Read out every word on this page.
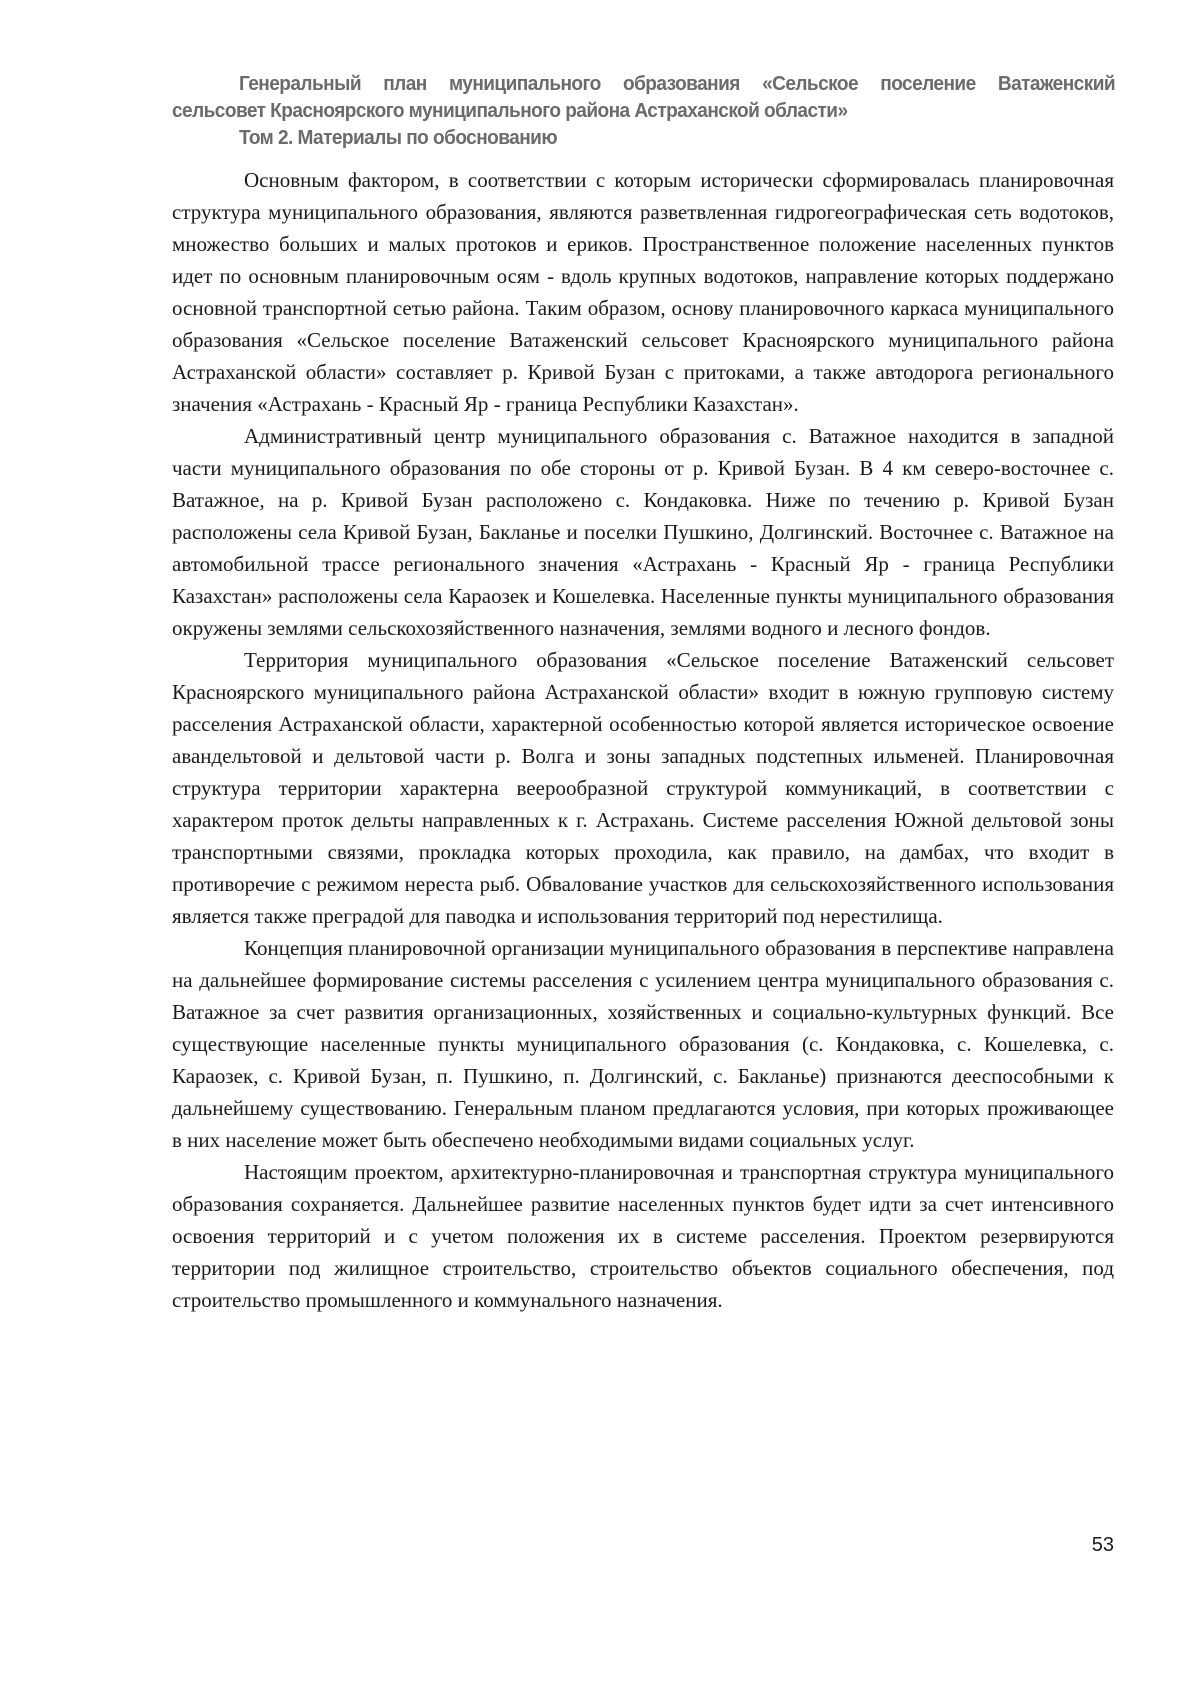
Генеральный план муниципального образования «Сельское поселение Ватаженский
сельсовет Красноярского муниципального района Астраханской области»
Том 2. Материалы по обоснованию

Основным фактором, в соответствии с которым исторически сформировалась планировочная структура муниципального образования, являются разветвленная гидрогеографическая сеть водотоков, множество больших и малых протоков и ериков. Пространственное положение населенных пунктов идет по основным планировочным осям - вдоль крупных водотоков, направление которых поддержано основной транспортной сетью района. Таким образом, основу планировочного каркаса муниципального образования «Сельское поселение Ватаженский сельсовет Красноярского муниципального района Астраханской области» составляет р. Кривой Бузан с притоками, а также автодорога регионального значения «Астрахань - Красный Яр - граница Республики Казахстан».

Административный центр муниципального образования с. Ватажное находится в западной части муниципального образования по обе стороны от р. Кривой Бузан. В 4 км северо-восточнее с. Ватажное, на р. Кривой Бузан расположено с. Кондаковка. Ниже по течению р. Кривой Бузан расположены села Кривой Бузан, Бакланье и поселки Пушкино, Долгинский. Восточнее с. Ватажное на автомобильной трассе регионального значения «Астрахань - Красный Яр - граница Республики Казахстан» расположены села Караозек и Кошелевка. Населенные пункты муниципального образования окружены землями сельскохозяйственного назначения, землями водного и лесного фондов.

Территория муниципального образования «Сельское поселение Ватаженский сельсовет Красноярского муниципального района Астраханской области» входит в южную групповую систему расселения Астраханской области, характерной особенностью которой является историческое освоение авандельтовой и дельтовой части р. Волга и зоны западных подстепных ильменей. Планировочная структура территории характерна веерообразной структурой коммуникаций, в соответствии с характером проток дельты направленных к г. Астрахань. Системе расселения Южной дельтовой зоны транспортными связями, прокладка которых проходила, как правило, на дамбах, что входит в противоречие с режимом нереста рыб. Обвалование участков для сельскохозяйственного использования является также преградой для паводка и использования территорий под нерестилища.

Концепция планировочной организации муниципального образования в перспективе направлена на дальнейшее формирование системы расселения с усилением центра муниципального образования с. Ватажное за счет развития организационных, хозяйственных и социально-культурных функций. Все существующие населенные пункты муниципального образования (с. Кондаковка, с. Кошелевка, с. Караозек, с. Кривой Бузан, п. Пушкино, п. Долгинский, с. Бакланье) признаются дееспособными к дальнейшему существованию. Генеральным планом предлагаются условия, при которых проживающее в них население может быть обеспечено необходимыми видами социальных услуг.

Настоящим проектом, архитектурно-планировочная и транспортная структура муниципального образования сохраняется. Дальнейшее развитие населенных пунктов будет идти за счет интенсивного освоения территорий и с учетом положения их в системе расселения. Проектом резервируются территории под жилищное строительство, строительство объектов социального обеспечения, под строительство промышленного и коммунального назначения.

53
